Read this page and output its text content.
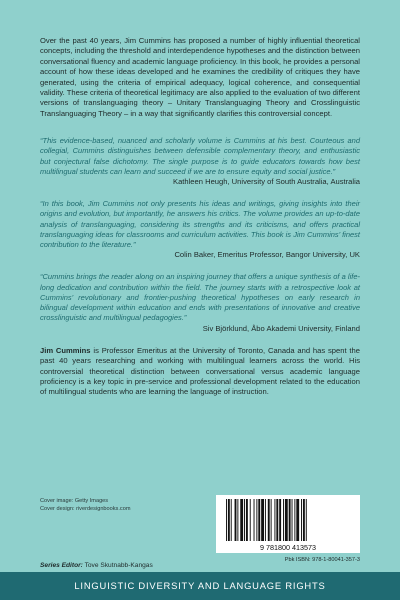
Over the past 40 years, Jim Cummins has proposed a number of highly influential theoretical concepts, including the threshold and interdependence hypotheses and the distinction between conversational fluency and academic language proficiency. In this book, he provides a personal account of how these ideas developed and he examines the credibility of critiques they have generated, using the criteria of empirical adequacy, logical coherence, and consequential validity. These criteria of theoretical legitimacy are also applied to the evaluation of two different versions of translanguaging theory – Unitary Translanguaging Theory and Crosslinguistic Translanguaging Theory – in a way that significantly clarifies this controversial concept.

“This evidence-based, nuanced and scholarly volume is Cummins at his best. Courteous and collegial, Cummins distinguishes between defensible complementary theory, and enthusiastic but conjectural false dichotomy. The single purpose is to guide educators towards how best multilingual students can learn and succeed if we are to ensure equity and social justice.”

Kathleen Heugh, University of South Australia, Australia

“In this book, Jim Cummins not only presents his ideas and writings, giving insights into their origins and evolution, but importantly, he answers his critics. The volume provides an up-to-date analysis of translanguaging, considering its strengths and its criticisms, and offers practical translanguaging ideas for classrooms and curriculum activities. This book is Jim Cummins’ finest contribution to the literature.”

Colin Baker, Emeritus Professor, Bangor University, UK

“Cummins brings the reader along on an inspiring journey that offers a unique synthesis of a life-long dedication and contribution within the field. The journey starts with a retrospective look at Cummins’ revolutionary and frontier-pushing theoretical hypotheses on early research in bilingual development within education and ends with presentations of innovative and creative crosslinguistic and multilingual pedagogies.”

Siv Björklund, Åbo Akademi University, Finland

Jim Cummins is Professor Emeritus at the University of Toronto, Canada and has spent the past 40 years researching and working with multilingual learners across the world. His controversial theoretical distinction between conversational versus academic language proficiency is a key topic in pre-service and professional development related to the education of multilingual students who are learning the language of instruction.

Cover image: Getty Images
Cover design: riverdesignbooks.com
Series Editor: Tove Skutnabb-Kangas
9 781800 413573
Pbk ISBN: 978-1-80041-357-3
LINGUISTIC DIVERSITY AND LANGUAGE RIGHTS
